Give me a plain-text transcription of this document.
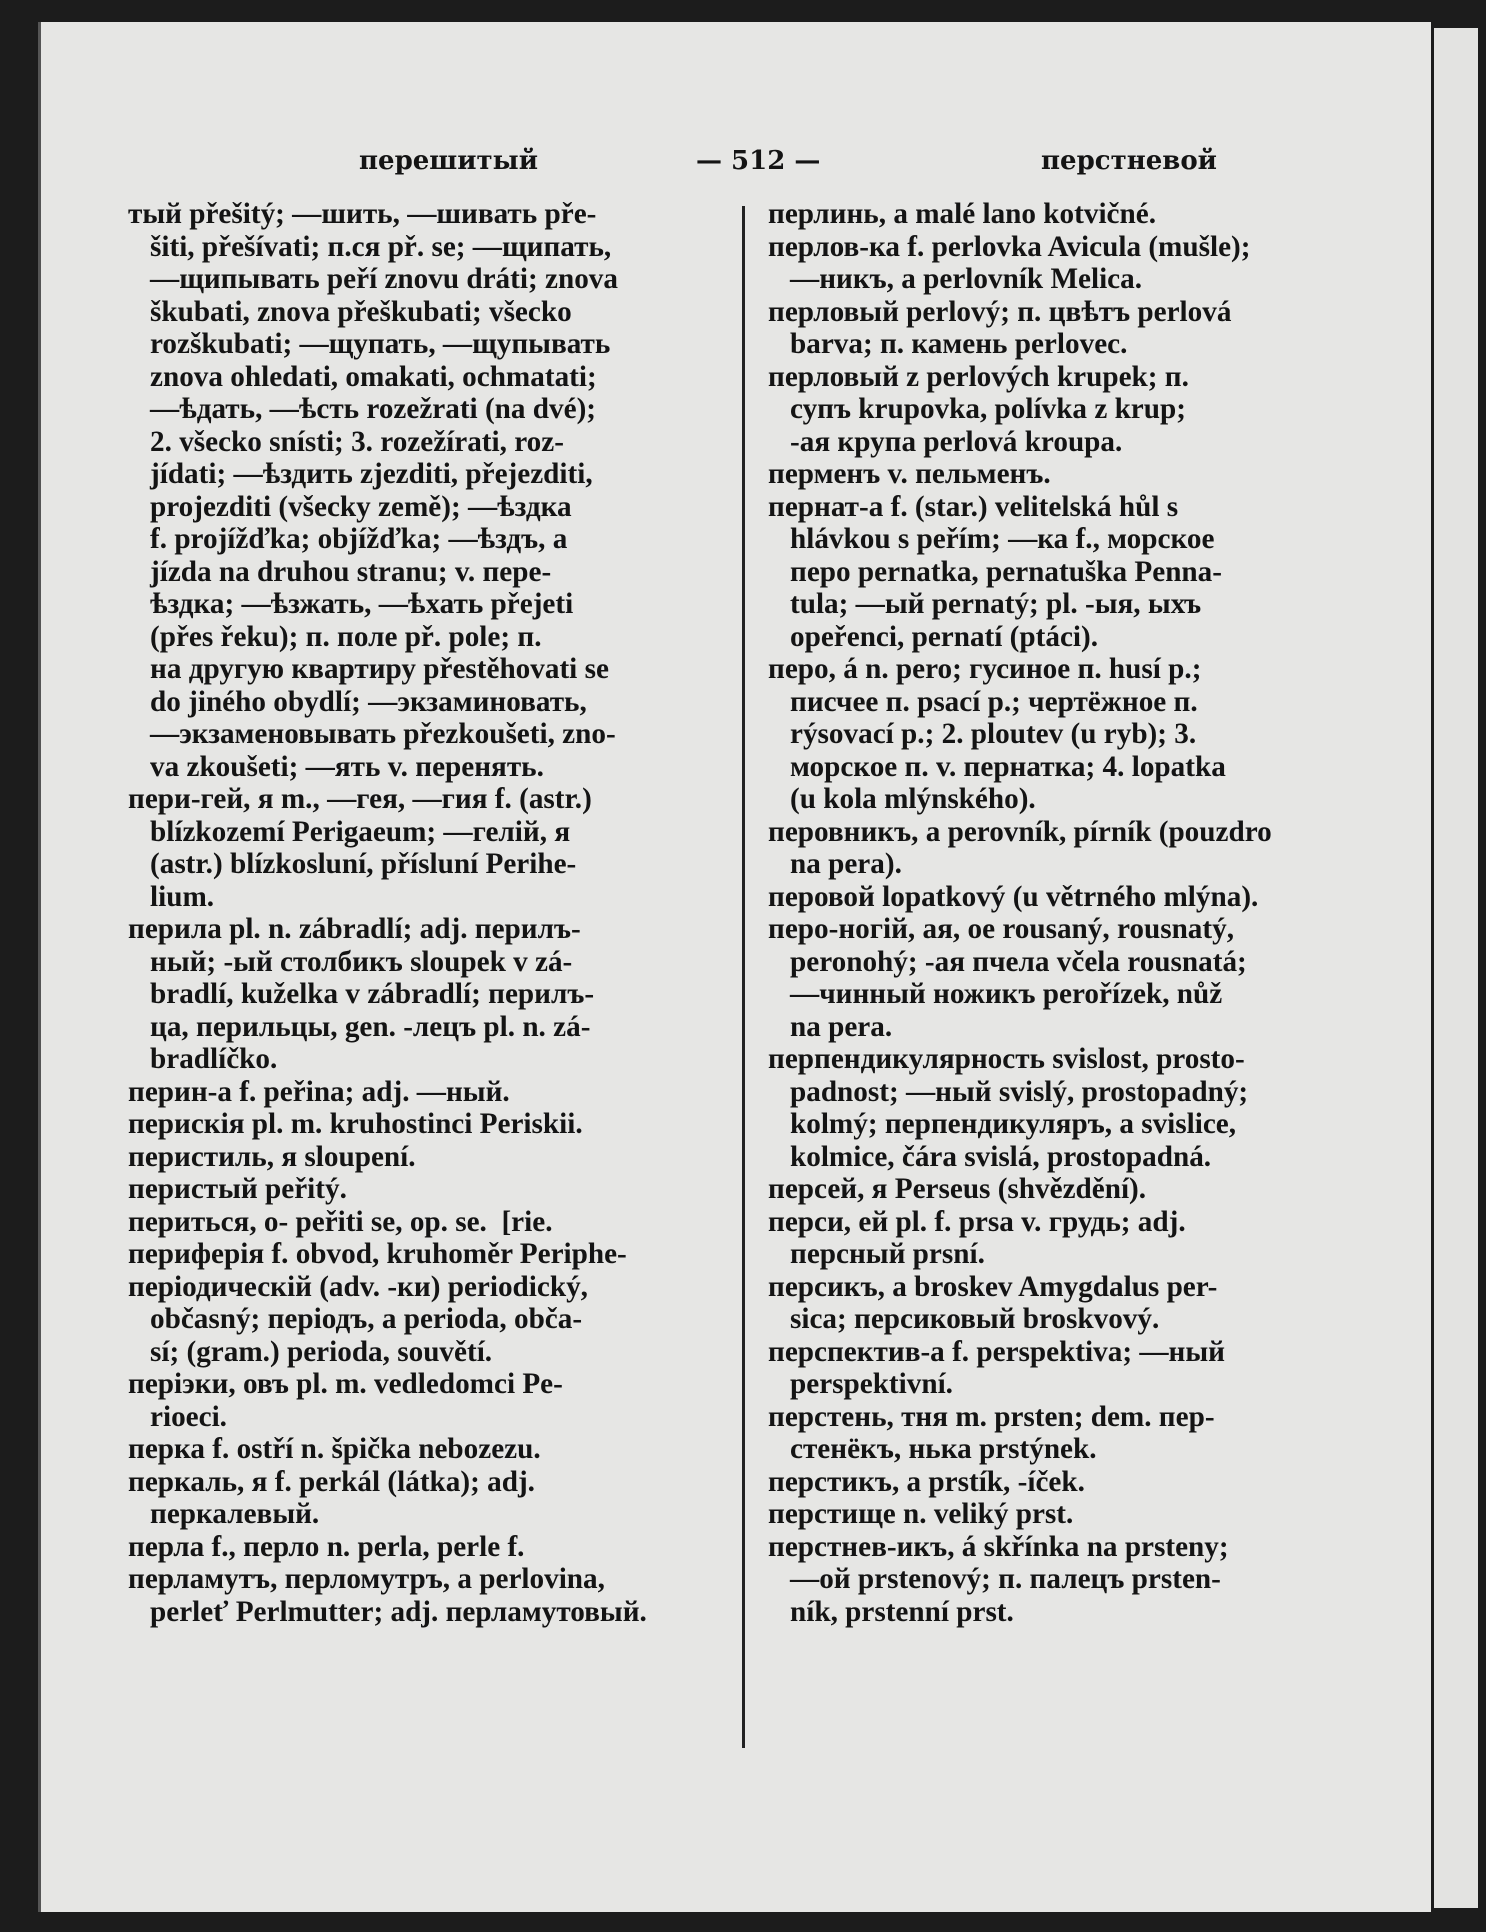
перешитый	— 512 —	перстневой
тый přešitý; —шить, —шивать pře-
šiti, přešívati; п.ся př. se; —щипать,
—щипывать peří znovu dráti; znova
škubati, znova přeškubati; všecko
rozškubati; —щупать, —щупывать
znova ohledati, omakati, ochmatati;
—ѣдать, —ѣсть rozežrati (na dvé);
2. všecko snísti; 3. rozežírati, roz-
jídati; —ѣздить zjezditi, přejezditi,
projezditi (všecky země); —ѣздка
f. projížďka; objížďka; —ѣздъ, a
jízda na druhou stranu; v. пере-
ѣздка; —ѣзжать, —ѣхать přejeti
(přes řeku); п. поле př. pole; п.
на другую квартиру přestěhovati se
do jiného obydlí; —экзаминовать,
—экзаменовывать přezkoušeti, zno-
va zkoušeti; —ять v. перенять.
пери-гей, я m., —гея, —гия f. (astr.)
blízkozemí Perigaeum; —гелій, я
(astr.) blízkosluní, přísluní Perihe-
lium.
перила pl. n. zábradlí; adj. перилъ-
ный; -ый столбикъ sloupek v zá-
bradlí, kuželka v zábradlí; перилъ-
ца, перильцы, gen. -лецъ pl. n. zá-
bradlíčko.
перин-а f. peřina; adj. —ный.
перискія pl. m. kruhostinci Periskii.
перистиль, я sloupení.
перистый peřitý.
периться, о- peřiti se, op. se.  [rie.
периферія f. obvod, kruhoměr Periphe-
періодическій (adv. -ки) periodický,
občasný; періодъ, a perioda, obča-
sí; (gram.) perioda, souvětí.
періэки, овъ pl. m. vedledomci Pe-
rioeci.
перка f. ostří n. špička nebozezu.
перкаль, я f. perkál (látka); adj.
перкалевый.
перла f., перло n. perla, perle f.
перламутъ, перломутръ, a perlovina,
perleť Perlmutter; adj. перламутовый.
перлинь, a malé lano kotvičné.
перлов-ка f. perlovka Avicula (mušle);
—никъ, a perlovník Melica.
перловый perlový; п. цвѣтъ perlová
barva; п. камень perlovec.
перловый z perlových krupek; п.
супъ krupovka, polívka z krup;
-ая крупа perlová kroupa.
перменъ v. пельменъ.
пернат-а f. (star.) velitelská hůl s
hlávkou s peřím; —ка f., морское
перо pernatka, pernatuška Penna-
tula; —ый pernatý; pl. -ыя, ыхъ
opeřenci, pernatí (ptáci).
перо, á n. pero; гусиное п. husí p.;
писчее п. psací p.; чертёжное п.
rýsovací p.; 2. ploutev (u ryb); 3.
морское п. v. пернатка; 4. lopatka
(u kola mlýnského).
перовникъ, a perovník, pírník (pouzdro
na pera).
перовой lopatkový (u větrného mlýna).
перо-ногій, ая, ое rousaný, rousnatý,
peronohý; -ая пчела včela rousnatá;
—чинный ножикъ perořízek, nůž
na pera.
перпендикулярность svislost, prosto-
padnost; —ный svislý, prostopadný;
kolmý; перпендикуляръ, a svislice,
kolmice, čára svislá, prostopadná.
персей, я Perseus (shvězdění).
перси, ей pl. f. prsa v. грудь; adj.
персный prsní.
персикъ, a broskev Amygdalus per-
sica; персиковый broskvový.
перспектив-а f. perspektiva; —ный
perspektivní.
перстень, тня m. prsten; dem. пер-
стенёкъ, нька prstýnek.
перстикъ, a prstík, -íček.
перстище n. veliký prst.
перстнев-икъ, á skřínka na prsteny;
—ой prstenový; п. палецъ prsten-
ník, prstenní prst.
